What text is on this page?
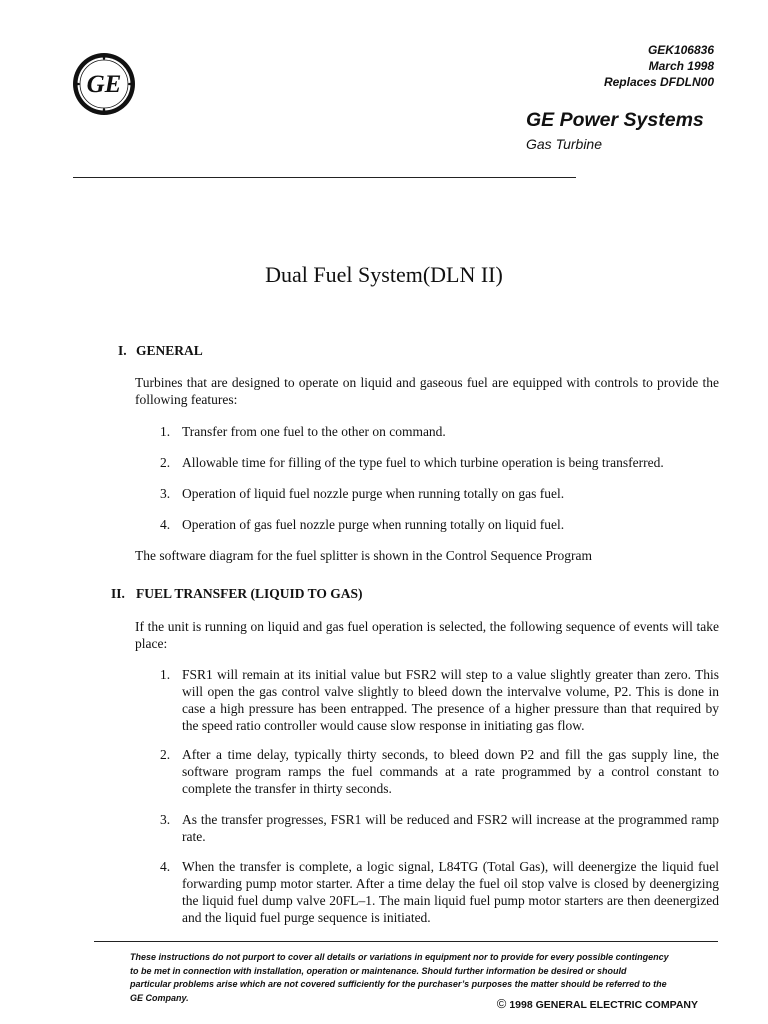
GE
GEK106836
March 1998
Replaces DFDLN00
GE Power Systems
Gas Turbine
Dual Fuel System(DLN II)
I. GENERAL
Turbines that are designed to operate on liquid and gaseous fuel are equipped with controls to provide the following features:
1. Transfer from one fuel to the other on command.
2. Allowable time for filling of the type fuel to which turbine operation is being transferred.
3. Operation of liquid fuel nozzle purge when running totally on gas fuel.
4. Operation of gas fuel nozzle purge when running totally on liquid fuel.
The software diagram for the fuel splitter is shown in the Control Sequence Program
II. FUEL TRANSFER (LIQUID TO GAS)
If the unit is running on liquid and gas fuel operation is selected, the following sequence of events will take place:
1. FSR1 will remain at its initial value but FSR2 will step to a value slightly greater than zero. This will open the gas control valve slightly to bleed down the intervalve volume, P2. This is done in case a high pressure has been entrapped. The presence of a higher pressure than that required by the speed ratio controller would cause slow response in initiating gas flow.
2. After a time delay, typically thirty seconds, to bleed down P2 and fill the gas supply line, the software program ramps the fuel commands at a rate programmed by a control constant to complete the transfer in thirty seconds.
3. As the transfer progresses, FSR1 will be reduced and FSR2 will increase at the programmed ramp rate.
4. When the transfer is complete, a logic signal, L84TG (Total Gas), will deenergize the liquid fuel forwarding pump motor starter. After a time delay the fuel oil stop valve is closed by deenergizing the liquid fuel dump valve 20FL–1. The main liquid fuel pump motor starters are then deenergized and the liquid fuel purge sequence is initiated.
These instructions do not purport to cover all details or variations in equipment nor to provide for every possible contingency to be met in connection with installation, operation or maintenance. Should further information be desired or should particular problems arise which are not covered sufficiently for the purchaser’s purposes the matter should be referred to the GE Company.	© 1998 GENERAL ELECTRIC COMPANY
